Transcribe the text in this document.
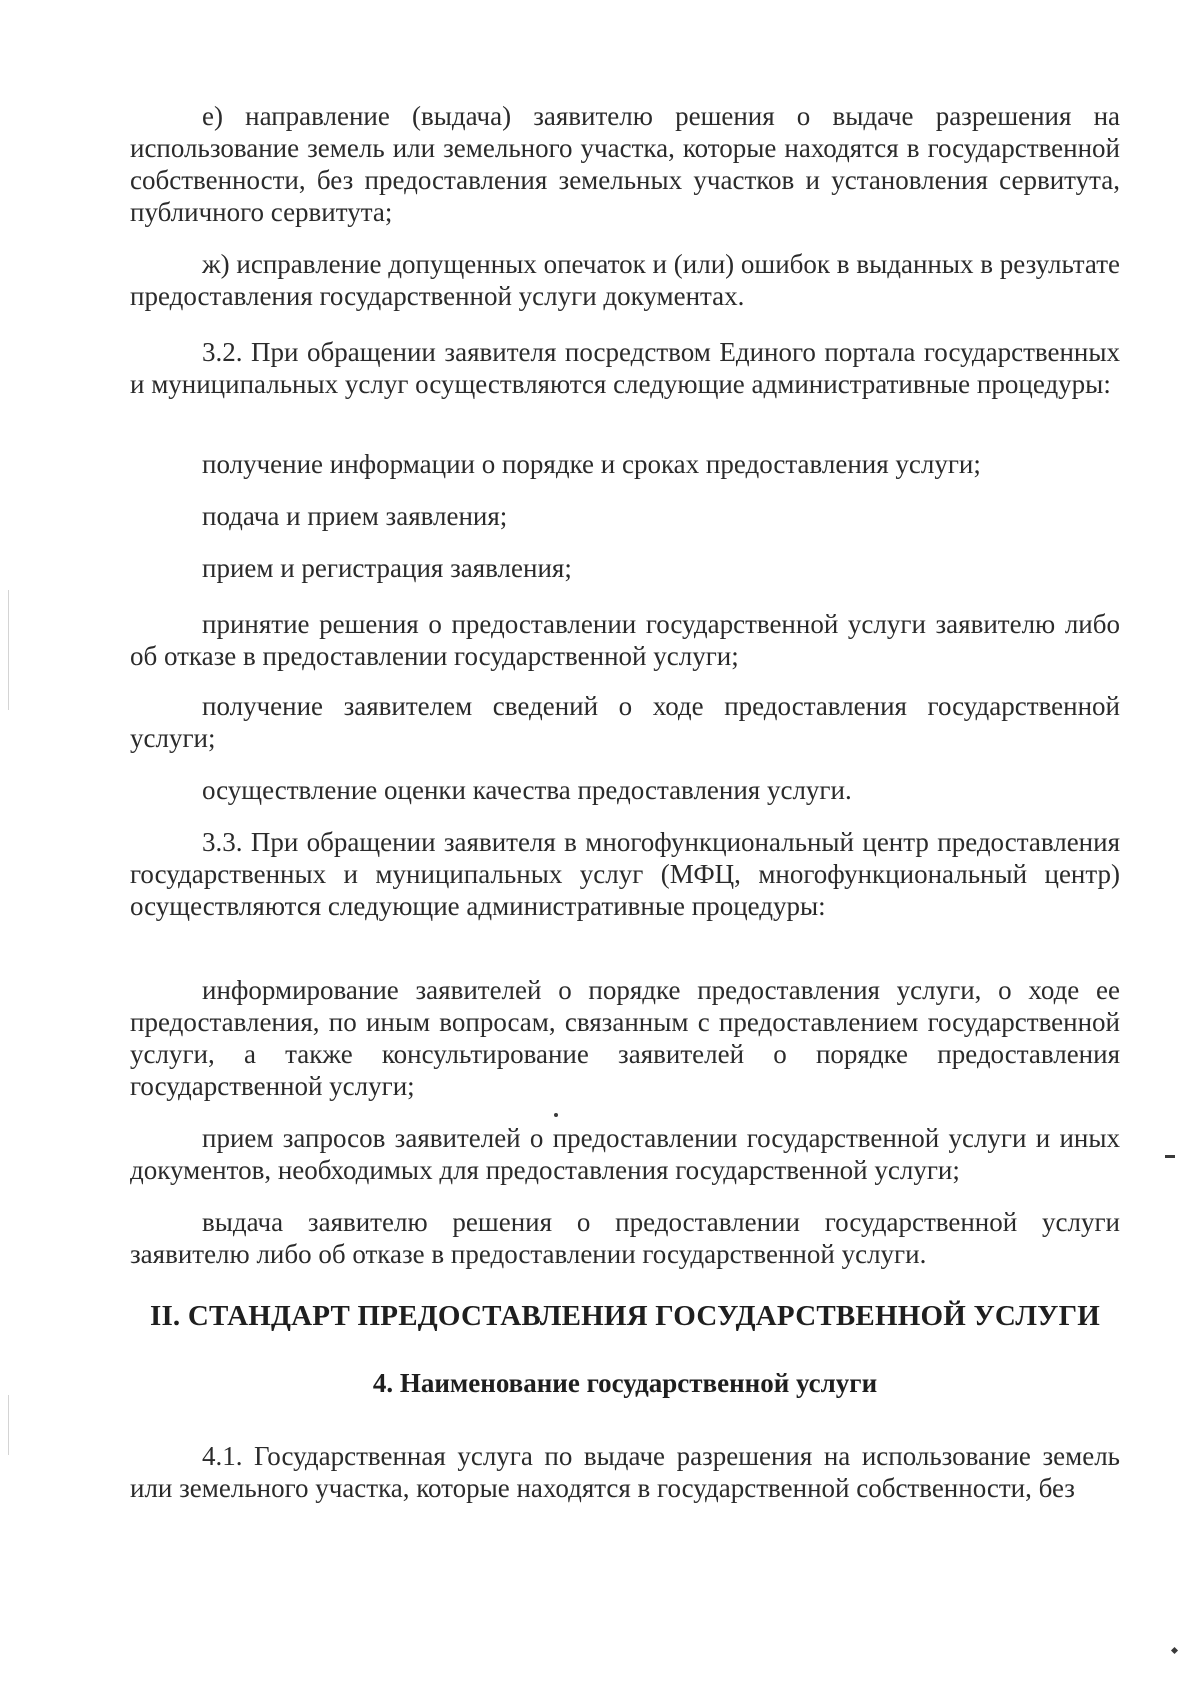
е) направление (выдача) заявителю решения о выдаче разрешения на использование земель или земельного участка, которые находятся в государственной собственности, без предоставления земельных участков и установления сервитута, публичного сервитута;

ж) исправление допущенных опечаток и (или) ошибок в выданных в результате предоставления государственной услуги документах.

3.2. При обращении заявителя посредством Единого портала государственных и муниципальных услуг осуществляются следующие административные процедуры:

получение информации о порядке и сроках предоставления услуги;

подача и прием заявления;

прием и регистрация заявления;

принятие решения о предоставлении государственной услуги заявителю либо об отказе в предоставлении государственной услуги;

получение заявителем сведений о ходе предоставления государственной услуги;

осуществление оценки качества предоставления услуги.

3.3. При обращении заявителя в многофункциональный центр предоставления государственных и муниципальных услуг (МФЦ, многофункциональный центр) осуществляются следующие административные процедуры:

информирование заявителей о порядке предоставления услуги, о ходе ее предоставления, по иным вопросам, связанным с предоставлением государственной услуги, а также консультирование заявителей о порядке предоставления государственной услуги;

прием запросов заявителей о предоставлении государственной услуги и иных документов, необходимых для предоставления государственной услуги;

выдача заявителю решения о предоставлении государственной услуги заявителю либо об отказе в предоставлении государственной услуги.

II. СТАНДАРТ ПРЕДОСТАВЛЕНИЯ ГОСУДАРСТВЕННОЙ УСЛУГИ
4. Наименование государственной услуги

4.1. Государственная услуга по выдаче разрешения на использование земель или земельного участка, которые находятся в государственной собственности, без
